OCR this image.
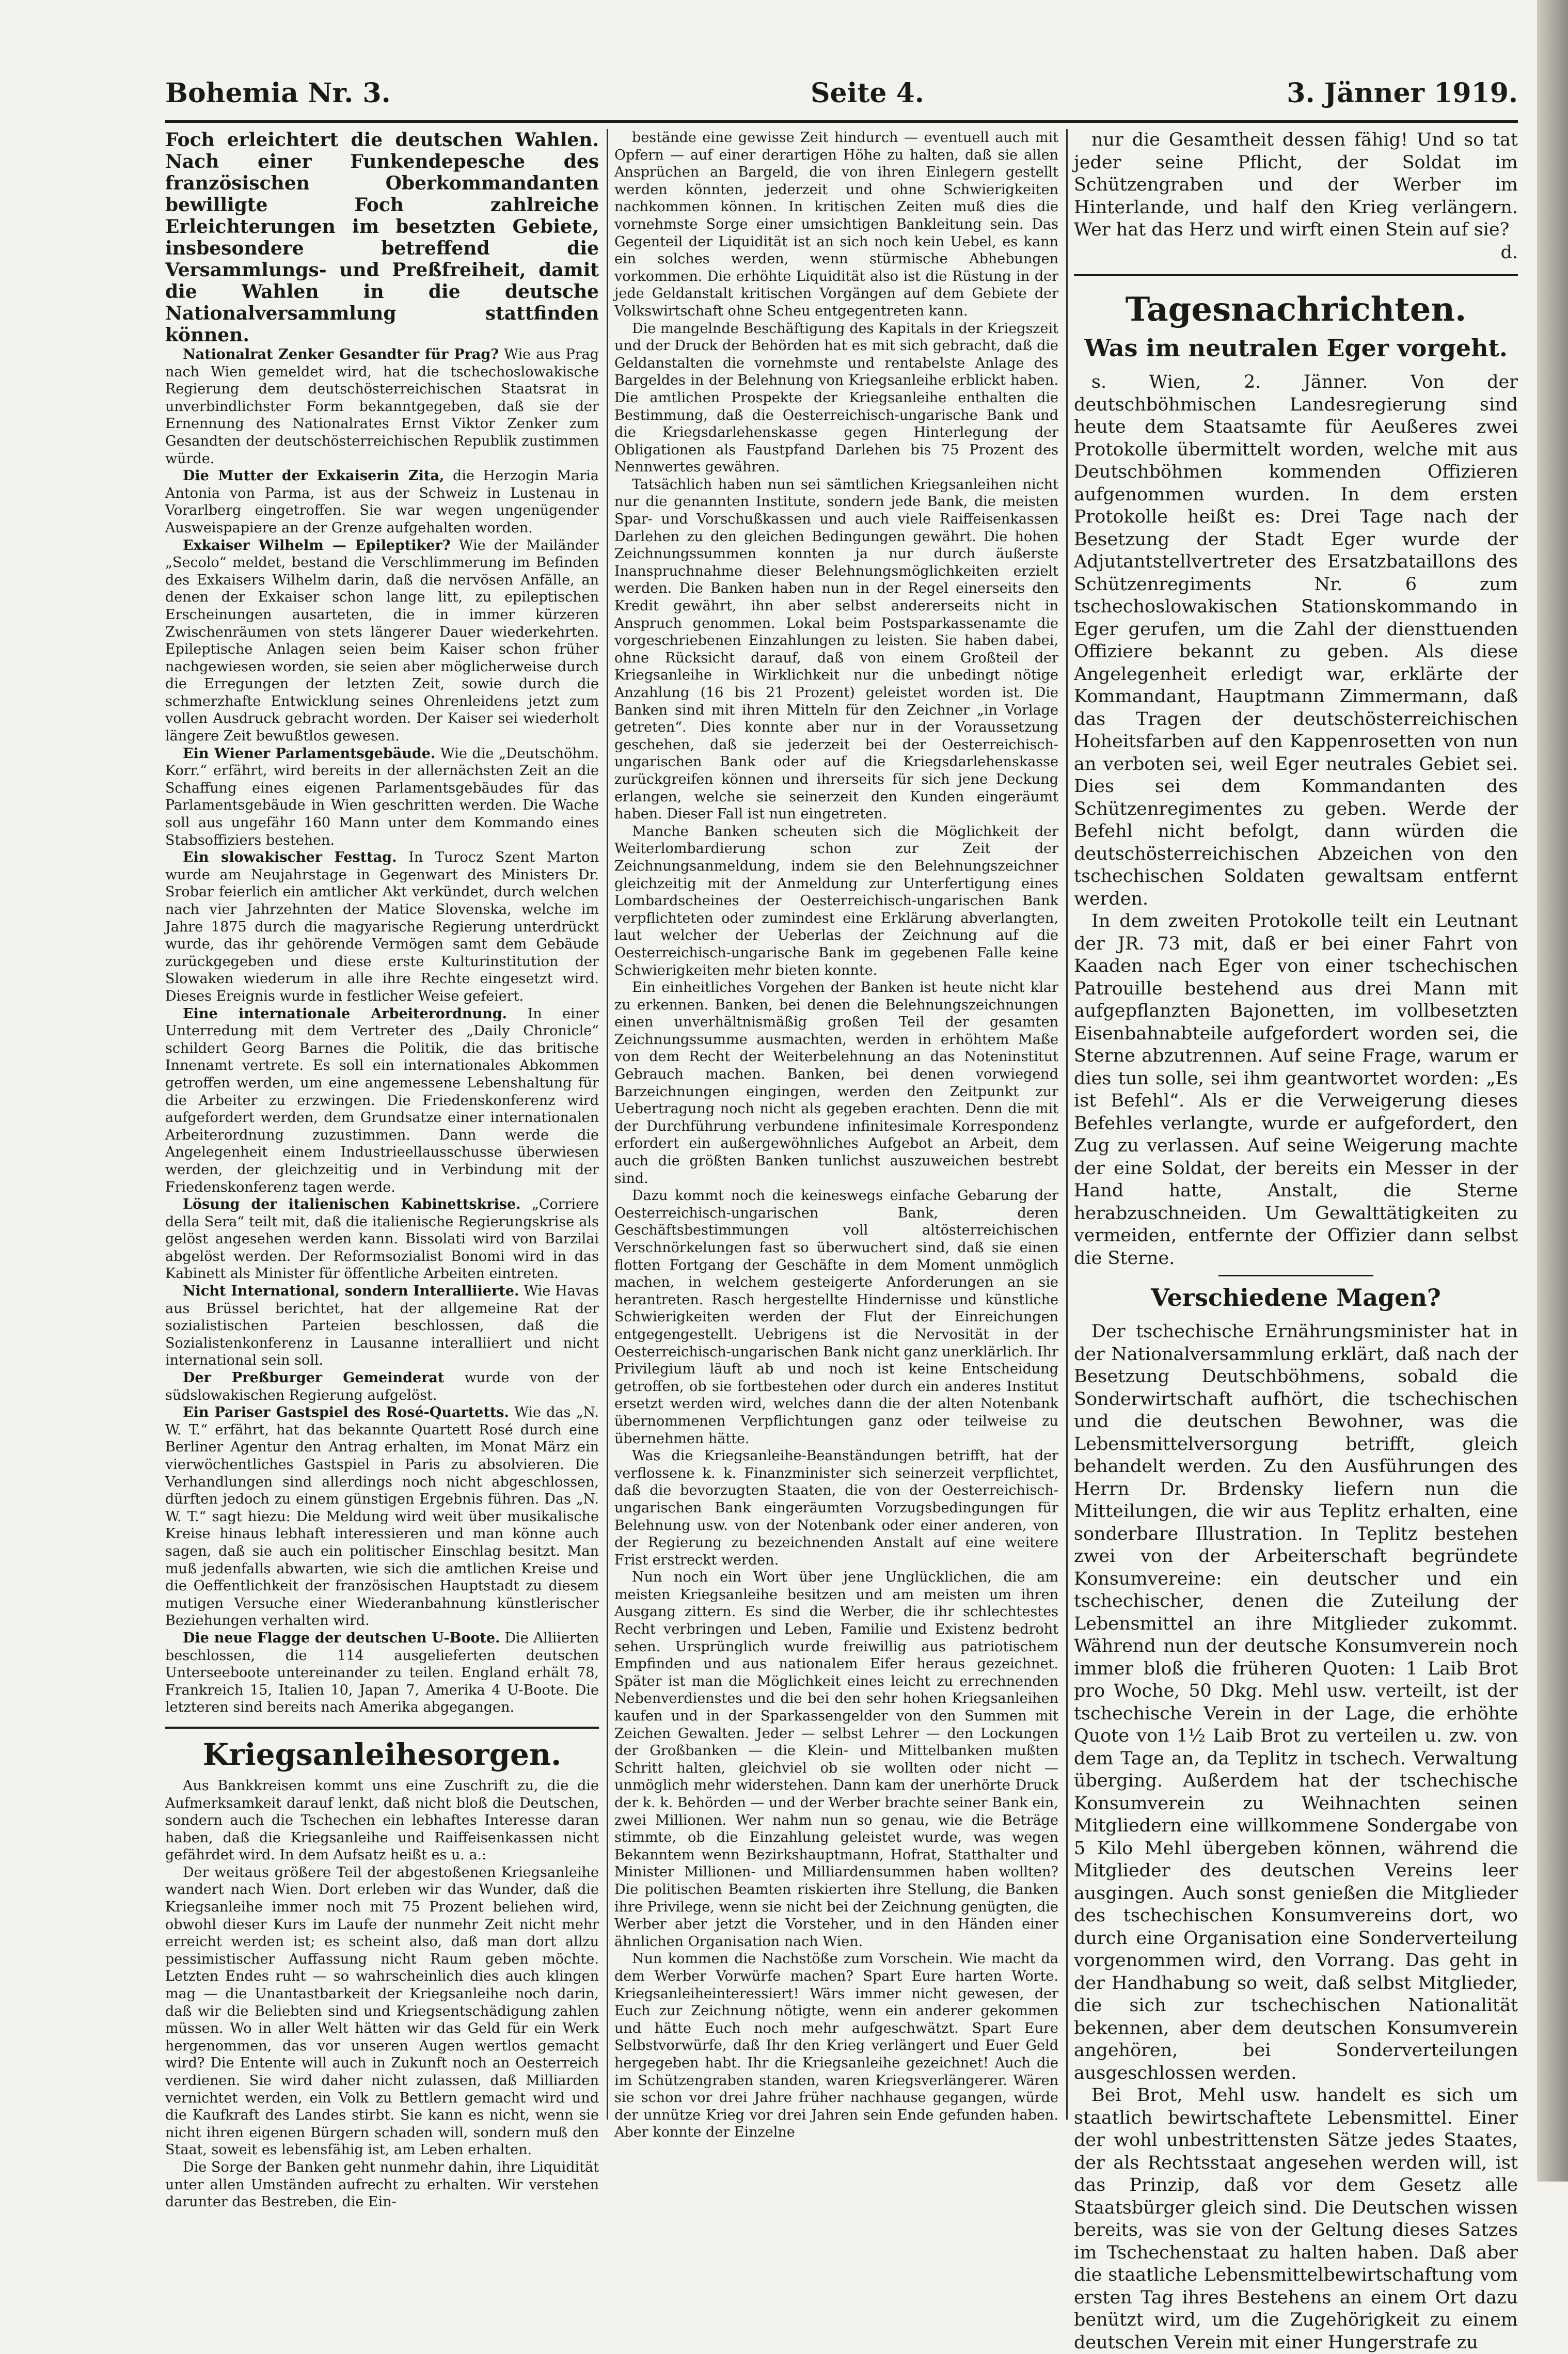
Bohemia Nr. 3.	Seite 4.	3. Jänner 1919.

Foch erleichtert die deutschen Wahlen. Nach einer Funkendepesche des französischen Oberkommandanten bewilligte Foch zahlreiche Erleichterungen im besetzten Gebiete, insbesondere betreffend die Versammlungs- und Preßfreiheit, damit die Wahlen in die deutsche Nationalversammlung stattfinden können.

Nationalrat Zenker Gesandter für Prag? Wie aus Prag nach Wien gemeldet wird, hat die tschechoslowakische Regierung dem deutschösterreichischen Staatsrat in unverbindlichster Form bekanntgegeben, daß sie der Ernennung des Nationalrates Ernst Viktor Zenker zum Gesandten der deutschösterreichischen Republik zustimmen würde.

Die Mutter der Exkaiserin Zita, die Herzogin Maria Antonia von Parma, ist aus der Schweiz in Lustenau in Vorarlberg eingetroffen. Sie war wegen ungenügender Ausweispapiere an der Grenze aufgehalten worden.

Exkaiser Wilhelm — Epileptiker? Wie der Mailänder „Secolo“ meldet, bestand die Verschlimmerung im Befinden des Exkaisers Wilhelm darin, daß die nervösen Anfälle, an denen der Exkaiser schon lange litt, zu epileptischen Erscheinungen ausarteten, die in immer kürzeren Zwischenräumen von stets längerer Dauer wiederkehrten. Epileptische Anlagen seien beim Kaiser schon früher nachgewiesen worden, sie seien aber möglicherweise durch die Erregungen der letzten Zeit, sowie durch die schmerzhafte Entwicklung seines Ohrenleidens jetzt zum vollen Ausdruck gebracht worden. Der Kaiser sei wiederholt längere Zeit bewußtlos gewesen.

Ein Wiener Parlamentsgebäude. Wie die „Deutschöhm. Korr.“ erfährt, wird bereits in der allernächsten Zeit an die Schaffung eines eigenen Parlamentsgebäudes für das Parlamentsgebäude in Wien geschritten werden. Die Wache soll aus ungefähr 160 Mann unter dem Kommando eines Stabsoffiziers bestehen.

Ein slowakischer Festtag. In Turocz Szent Marton wurde am Neujahrstage in Gegenwart des Ministers Dr. Srobar feierlich ein amtlicher Akt verkündet, durch welchen nach vier Jahrzehnten der Matice Slovenska, welche im Jahre 1875 durch die magyarische Regierung unterdrückt wurde, das ihr gehörende Vermögen samt dem Gebäude zurückgegeben und diese erste Kulturinstitution der Slowaken wiederum in alle ihre Rechte eingesetzt wird. Dieses Ereignis wurde in festlicher Weise gefeiert.

Eine internationale Arbeiterordnung. In einer Unterredung mit dem Vertreter des „Daily Chronicle“ schildert Georg Barnes die Politik, die das britische Innenamt vertrete. Es soll ein internationales Abkommen getroffen werden, um eine angemessene Lebenshaltung für die Arbeiter zu erzwingen. Die Friedenskonferenz wird aufgefordert werden, dem Grundsatze einer internationalen Arbeiterordnung zuzustimmen. Dann werde die Angelegenheit einem Industrieellausschusse überwiesen werden, der gleichzeitig und in Verbindung mit der Friedenskonferenz tagen werde.

Lösung der italienischen Kabinettskrise. „Corriere della Sera“ teilt mit, daß die italienische Regierungskrise als gelöst angesehen werden kann. Bissolati wird von Barzilai abgelöst werden. Der Reformsozialist Bonomi wird in das Kabinett als Minister für öffentliche Arbeiten eintreten.

Nicht International, sondern Interalliierte. Wie Havas aus Brüssel berichtet, hat der allgemeine Rat der sozialistischen Parteien beschlossen, daß die Sozialistenkonferenz in Lausanne interalliiert und nicht international sein soll.

Der Preßburger Gemeinderat wurde von der südslowakischen Regierung aufgelöst.

Ein Pariser Gastspiel des Rosé-Quartetts. Wie das „N. W. T.“ erfährt, hat das bekannte Quartett Rosé durch eine Berliner Agentur den Antrag erhalten, im Monat März ein vierwöchentliches Gastspiel in Paris zu absolvieren. Die Verhandlungen sind allerdings noch nicht abgeschlossen, dürften jedoch zu einem günstigen Ergebnis führen. Das „N. W. T.“ sagt hiezu: Die Meldung wird weit über musikalische Kreise hinaus lebhaft interessieren und man könne auch sagen, daß sie auch ein politischer Einschlag besitzt. Man muß jedenfalls abwarten, wie sich die amtlichen Kreise und die Oeffentlichkeit der französischen Hauptstadt zu diesem mutigen Versuche einer Wiederanbahnung künstlerischer Beziehungen verhalten wird.

Die neue Flagge der deutschen U-Boote. Die Alliierten beschlossen, die 114 ausgelieferten deutschen Unterseeboote untereinander zu teilen. England erhält 78, Frankreich 15, Italien 10, Japan 7, Amerika 4 U-Boote. Die letzteren sind bereits nach Amerika abgegangen.

Kriegsanleihesorgen.

Aus Bankkreisen kommt uns eine Zuschrift zu, die die Aufmerksamkeit darauf lenkt, daß nicht bloß die Deutschen, sondern auch die Tschechen ein lebhaftes Interesse daran haben, daß die Kriegsanleihe und Raiffeisenkassen nicht gefährdet wird. In dem Aufsatz heißt es u. a.:

Der weitaus größere Teil der abgestoßenen Kriegsanleihe wandert nach Wien. Dort erleben wir das Wunder, daß die Kriegsanleihe immer noch mit 75 Prozent beliehen wird, obwohl dieser Kurs im Laufe der nunmehr Zeit nicht mehr erreicht werden ist; es scheint also, daß man dort allzu pessimistischer Auffassung nicht Raum geben möchte. Letzten Endes ruht — so wahrscheinlich dies auch klingen mag — die Unantastbarkeit der Kriegsanleihe noch darin, daß wir die Beliebten sind und Kriegsentschädigung zahlen müssen. Wo in aller Welt hätten wir das Geld für ein Werk hergenommen, das vor unseren Augen wertlos gemacht wird? Die Entente will auch in Zukunft noch an Oesterreich verdienen. Sie wird daher nicht zulassen, daß Milliarden vernichtet werden, ein Volk zu Bettlern gemacht wird und die Kaufkraft des Landes stirbt. Sie kann es nicht, wenn sie nicht ihren eigenen Bürgern schaden will, sondern muß den Staat, soweit es lebensfähig ist, am Leben erhalten.

Die Sorge der Banken geht nunmehr dahin, ihre Liquidität unter allen Umständen aufrecht zu erhalten. Wir verstehen darunter das Bestreben, die Ein-

bestände eine gewisse Zeit hindurch — eventuell auch mit Opfern — auf einer derartigen Höhe zu halten, daß sie allen Ansprüchen an Bargeld, die von ihren Einlegern gestellt werden könnten, jederzeit und ohne Schwierigkeiten nachkommen können. In kritischen Zeiten muß dies die vornehmste Sorge einer umsichtigen Bankleitung sein. Das Gegenteil der Liquidität ist an sich noch kein Uebel, es kann ein solches werden, wenn stürmische Abhebungen vorkommen. Die erhöhte Liquidität also ist die Rüstung in der jede Geldanstalt kritischen Vorgängen auf dem Gebiete der Volkswirtschaft ohne Scheu entgegentreten kann.

Die mangelnde Beschäftigung des Kapitals in der Kriegszeit und der Druck der Behörden hat es mit sich gebracht, daß die Geldanstalten die vornehmste und rentabelste Anlage des Bargeldes in der Belehnung von Kriegsanleihe erblickt haben. Die amtlichen Prospekte der Kriegsanleihe enthalten die Bestimmung, daß die Oesterreichisch-ungarische Bank und die Kriegsdarlehenskasse gegen Hinterlegung der Obligationen als Faustpfand Darlehen bis 75 Prozent des Nennwertes gewähren.

Tatsächlich haben nun sei sämtlichen Kriegsanleihen nicht nur die genannten Institute, sondern jede Bank, die meisten Spar- und Vorschußkassen und auch viele Raiffeisenkassen Darlehen zu den gleichen Bedingungen gewährt. Die hohen Zeichnungssummen konnten ja nur durch äußerste Inanspruchnahme dieser Belehnungsmöglichkeiten erzielt werden. Die Banken haben nun in der Regel einerseits den Kredit gewährt, ihn aber selbst andererseits nicht in Anspruch genommen. Lokal beim Postsparkassenamte die vorgeschriebenen Einzahlungen zu leisten. Sie haben dabei, ohne Rücksicht darauf, daß von einem Großteil der Kriegsanleihe in Wirklichkeit nur die unbedingt nötige Anzahlung (16 bis 21 Prozent) geleistet worden ist. Die Banken sind mit ihren Mitteln für den Zeichner „in Vorlage getreten“. Dies konnte aber nur in der Voraussetzung geschehen, daß sie jederzeit bei der Oesterreichisch-ungarischen Bank oder auf die Kriegsdarlehenskasse zurückgreifen können und ihrerseits für sich jene Deckung erlangen, welche sie seinerzeit den Kunden eingeräumt haben. Dieser Fall ist nun eingetreten.

Manche Banken scheuten sich die Möglichkeit der Weiterlombardierung schon zur Zeit der Zeichnungsanmeldung, indem sie den Belehnungszeichner gleichzeitig mit der Anmeldung zur Unterfertigung eines Lombardscheines der Oesterreichisch-ungarischen Bank verpflichteten oder zumindest eine Erklärung abverlangten, laut welcher der Ueberlas der Zeichnung auf die Oesterreichisch-ungarische Bank im gegebenen Falle keine Schwierigkeiten mehr bieten konnte.

Ein einheitliches Vorgehen der Banken ist heute nicht klar zu erkennen. Banken, bei denen die Belehnungszeichnungen einen unverhältnismäßig großen Teil der gesamten Zeichnungssumme ausmachten, werden in erhöhtem Maße von dem Recht der Weiterbelehnung an das Noteninstitut Gebrauch machen. Banken, bei denen vorwiegend Barzeichnungen eingingen, werden den Zeitpunkt zur Uebertragung noch nicht als gegeben erachten. Denn die mit der Durchführung verbundene infinitesimale Korrespondenz erfordert ein außergewöhnliches Aufgebot an Arbeit, dem auch die größten Banken tunlichst auszuweichen bestrebt sind.

Dazu kommt noch die keineswegs einfache Gebarung der Oesterreichisch-ungarischen Bank, deren Geschäftsbestimmungen voll altösterreichischen Verschnörkelungen fast so überwuchert sind, daß sie einen flotten Fortgang der Geschäfte in dem Moment unmöglich machen, in welchem gesteigerte Anforderungen an sie herantreten. Rasch hergestellte Hindernisse und künstliche Schwierigkeiten werden der Flut der Einreichungen entgegengestellt. Uebrigens ist die Nervosität in der Oesterreichisch-ungarischen Bank nicht ganz unerklärlich. Ihr Privilegium läuft ab und noch ist keine Entscheidung getroffen, ob sie fortbestehen oder durch ein anderes Institut ersetzt werden wird, welches dann die der alten Notenbank übernommenen Verpflichtungen ganz oder teilweise zu übernehmen hätte.

Was die Kriegsanleihe-Beanständungen betrifft, hat der verflossene k. k. Finanzminister sich seinerzeit verpflichtet, daß die bevorzugten Staaten, die von der Oesterreichisch-ungarischen Bank eingeräumten Vorzugsbedingungen für Belehnung usw. von der Notenbank oder einer anderen, von der Regierung zu bezeichnenden Anstalt auf eine weitere Frist erstreckt werden.

Nun noch ein Wort über jene Unglücklichen, die am meisten Kriegsanleihe besitzen und am meisten um ihren Ausgang zittern. Es sind die Werber, die ihr schlechtestes Recht verbringen und Leben, Familie und Existenz bedroht sehen. Ursprünglich wurde freiwillig aus patriotischem Empfinden und aus nationalem Eifer heraus gezeichnet. Später ist man die Möglichkeit eines leicht zu errechnenden Nebenverdienstes und die bei den sehr hohen Kriegsanleihen kaufen und in der Sparkassengelder von den Summen mit Zeichen Gewalten. Jeder — selbst Lehrer — den Lockungen der Großbanken — die Klein- und Mittelbanken mußten Schritt halten, gleichviel ob sie wollten oder nicht — unmöglich mehr widerstehen. Dann kam der unerhörte Druck der k. k. Behörden — und der Werber brachte seiner Bank ein, zwei Millionen. Wer nahm nun so genau, wie die Beträge stimmte, ob die Einzahlung geleistet wurde, was wegen Bekanntem wenn Bezirkshauptmann, Hofrat, Statthalter und Minister Millionen- und Milliardensummen haben wollten? Die politischen Beamten riskierten ihre Stellung, die Banken ihre Privilege, wenn sie nicht bei der Zeichnung genügten, die Werber aber jetzt die Vorsteher, und in den Händen einer ähnlichen Organisation nach Wien.

Nun kommen die Nachstöße zum Vorschein. Wie macht da dem Werber Vorwürfe machen? Spart Eure harten Worte. Kriegsanleiheinteressiert! Wärs immer nicht gewesen, der Euch zur Zeichnung nötigte, wenn ein anderer gekommen und hätte Euch noch mehr aufgeschwätzt. Spart Eure Selbstvorwürfe, daß Ihr den Krieg verlängert und Euer Geld hergegeben habt. Ihr die Kriegsanleihe gezeichnet! Auch die im Schützengraben standen, waren Kriegsverlängerer. Wären sie schon vor drei Jahre früher nachhause gegangen, würde der unnütze Krieg vor drei Jahren sein Ende gefunden haben. Aber konnte der Einzelne

nur die Gesamtheit dessen fähig! Und so tat jeder seine Pflicht, der Soldat im Schützengraben und der Werber im Hinterlande, und half den Krieg verlängern. Wer hat das Herz und wirft einen Stein auf sie?

d.
Tagesnachrichten.
Was im neutralen Eger vorgeht.

s. Wien, 2. Jänner. Von der deutschböhmischen Landesregierung sind heute dem Staatsamte für Aeußeres zwei Protokolle übermittelt worden, welche mit aus Deutschböhmen kommenden Offizieren aufgenommen wurden. In dem ersten Protokolle heißt es: Drei Tage nach der Besetzung der Stadt Eger wurde der Adjutantstellvertreter des Ersatzbataillons des Schützenregiments Nr. 6 zum tschechoslowakischen Stationskommando in Eger gerufen, um die Zahl der diensttuenden Offiziere bekannt zu geben. Als diese Angelegenheit erledigt war, erklärte der Kommandant, Hauptmann Zimmermann, daß das Tragen der deutschösterreichischen Hoheitsfarben auf den Kappenrosetten von nun an verboten sei, weil Eger neutrales Gebiet sei. Dies sei dem Kommandanten des Schützenregimentes zu geben. Werde der Befehl nicht befolgt, dann würden die deutschösterreichischen Abzeichen von den tschechischen Soldaten gewaltsam entfernt werden.

In dem zweiten Protokolle teilt ein Leutnant der JR. 73 mit, daß er bei einer Fahrt von Kaaden nach Eger von einer tschechischen Patrouille bestehend aus drei Mann mit aufgepflanzten Bajonetten, im vollbesetzten Eisenbahnabteile aufgefordert worden sei, die Sterne abzutrennen. Auf seine Frage, warum er dies tun solle, sei ihm geantwortet worden: „Es ist Befehl“. Als er die Verweigerung dieses Befehles verlangte, wurde er aufgefordert, den Zug zu verlassen. Auf seine Weigerung machte der eine Soldat, der bereits ein Messer in der Hand hatte, Anstalt, die Sterne herabzuschneiden. Um Gewalttätigkeiten zu vermeiden, entfernte der Offizier dann selbst die Sterne.

Verschiedene Magen?

Der tschechische Ernährungsminister hat in der Nationalversammlung erklärt, daß nach der Besetzung Deutschböhmens, sobald die Sonderwirtschaft aufhört, die tschechischen und die deutschen Bewohner, was die Lebensmittelversorgung betrifft, gleich behandelt werden. Zu den Ausführungen des Herrn Dr. Brdensky liefern nun die Mitteilungen, die wir aus Teplitz erhalten, eine sonderbare Illustration. In Teplitz bestehen zwei von der Arbeiterschaft begründete Konsumvereine: ein deutscher und ein tschechischer, denen die Zuteilung der Lebensmittel an ihre Mitglieder zukommt. Während nun der deutsche Konsumverein noch immer bloß die früheren Quoten: 1 Laib Brot pro Woche, 50 Dkg. Mehl usw. verteilt, ist der tschechische Verein in der Lage, die erhöhte Quote von 1½ Laib Brot zu verteilen u. zw. von dem Tage an, da Teplitz in tschech. Verwaltung überging. Außerdem hat der tschechische Konsumverein zu Weihnachten seinen Mitgliedern eine willkommene Sondergabe von 5 Kilo Mehl übergeben können, während die Mitglieder des deutschen Vereins leer ausgingen. Auch sonst genießen die Mitglieder des tschechischen Konsumvereins dort, wo durch eine Organisation eine Sonderverteilung vorgenommen wird, den Vorrang. Das geht in der Handhabung so weit, daß selbst Mitglieder, die sich zur tschechischen Nationalität bekennen, aber dem deutschen Konsumverein angehören, bei Sonderverteilungen ausgeschlossen werden.

Bei Brot, Mehl usw. handelt es sich um staatlich bewirtschaftete Lebensmittel. Einer der wohl unbestrittensten Sätze jedes Staates, der als Rechtsstaat angesehen werden will, ist das Prinzip, daß vor dem Gesetz alle Staatsbürger gleich sind. Die Deutschen wissen bereits, was sie von der Geltung dieses Satzes im Tschechenstaat zu halten haben. Daß aber die staatliche Lebensmittelbewirtschaftung vom ersten Tag ihres Bestehens an einem Ort dazu benützt wird, um die Zugehörigkeit zu einem deutschen Verein mit einer Hungerstrafe zu
